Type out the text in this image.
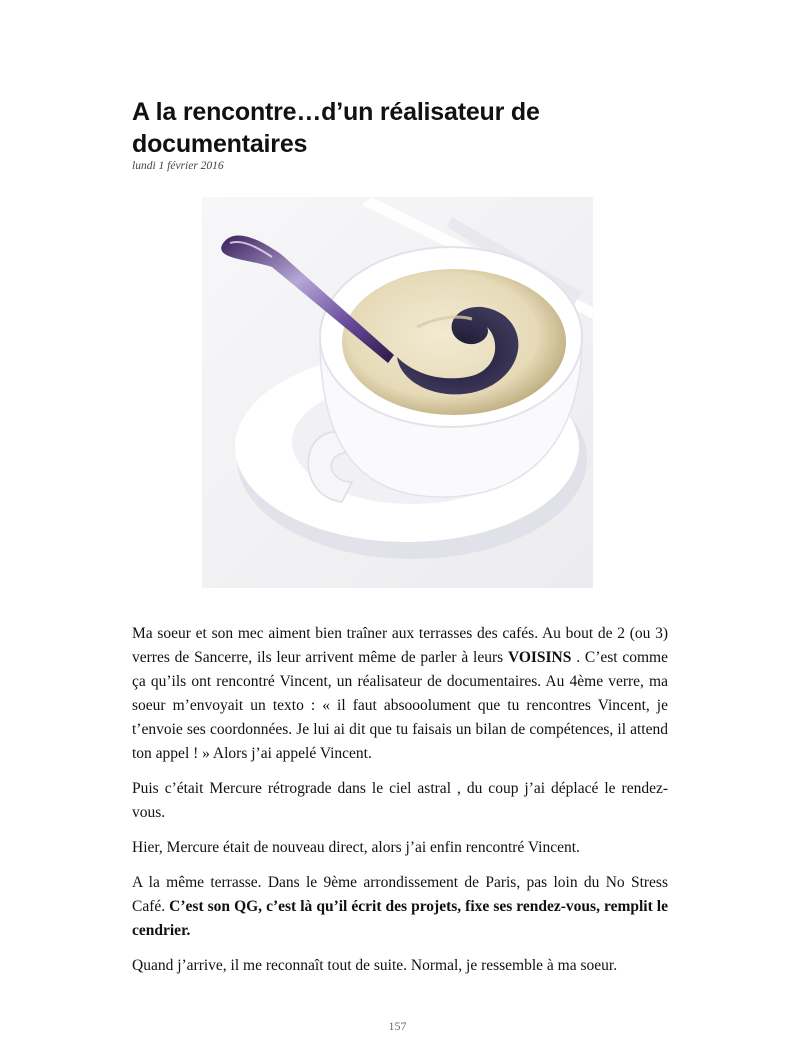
A la rencontre…d’un réalisateur de documentaires
lundi 1 février 2016

Ma soeur et son mec aiment bien traîner aux terrasses des cafés. Au bout de 2 (ou 3) verres de Sancerre, ils leur arrivent même de parler à leurs VOISINS . C’est comme ça qu’ils ont rencontré Vincent, un réalisateur de documentaires. Au 4ème verre, ma soeur m’envoyait un texto : « il faut absooolument que tu rencontres Vincent, je t’envoie ses coordonnées. Je lui ai dit que tu faisais un bilan de compétences, il attend ton appel ! » Alors j’ai appelé Vincent.

Puis c’était Mercure rétrograde dans le ciel astral , du coup j’ai déplacé le rendez-vous.

Hier, Mercure était de nouveau direct, alors j’ai enfin rencontré Vincent.

A la même terrasse. Dans le 9ème arrondissement de Paris, pas loin du No Stress Café. C’est son QG, c’est là qu’il écrit des projets, fixe ses rendez-vous, remplit le cendrier.

Quand j’arrive, il me reconnaît tout de suite. Normal, je ressemble à ma soeur.

157
